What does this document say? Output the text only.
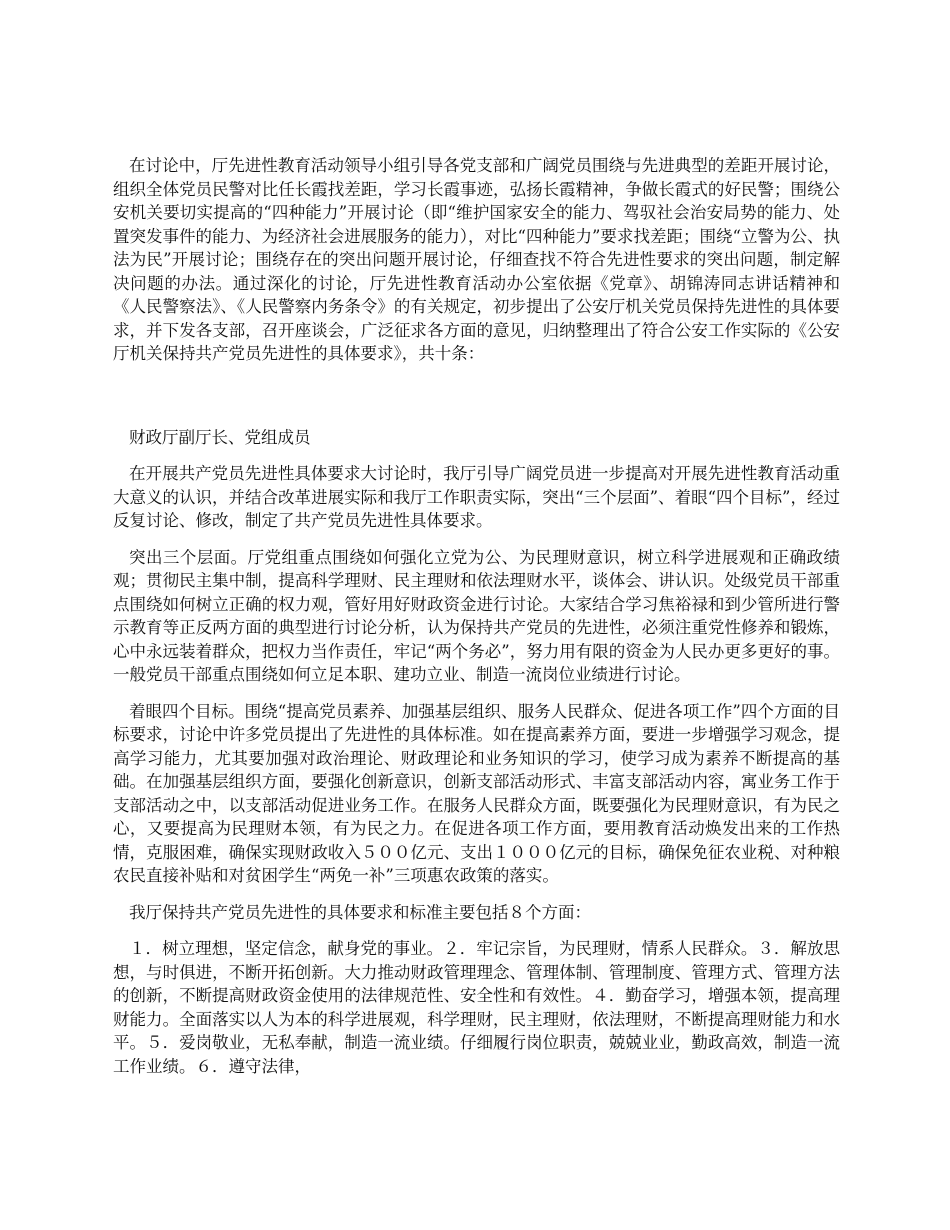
在讨论中，厅先进性教育活动领导小组引导各党支部和广阔党员围绕与先进典型的差距开展讨论，组织全体党员民警对比任长霞找差距，学习长霞事迹，弘扬长霞精神，争做长霞式的好民警；围绕公安机关要切实提高的“四种能力”开展讨论（即“维护国家安全的能力、驾驭社会治安局势的能力、处置突发事件的能力、为经济社会进展服务的能力），对比“四种能力”要求找差距；围绕“立警为公、执法为民”开展讨论；围绕存在的突出问题开展讨论，仔细查找不符合先进性要求的突出问题，制定解决问题的办法。通过深化的讨论，厅先进性教育活动办公室依据《党章》、胡锦涛同志讲话精神和《人民警察法》、《人民警察内务条令》的有关规定，初步提出了公安厅机关党员保持先进性的具体要求，并下发各支部，召开座谈会，广泛征求各方面的意见，归纳整理出了符合公安工作实际的《公安厅机关保持共产党员先进性的具体要求》，共十条：

财政厅副厅长、党组成员

在开展共产党员先进性具体要求大讨论时，我厅引导广阔党员进一步提高对开展先进性教育活动重大意义的认识，并结合改革进展实际和我厅工作职责实际，突出“三个层面”、着眼“四个目标”，经过反复讨论、修改，制定了共产党员先进性具体要求。

突出三个层面。厅党组重点围绕如何强化立党为公、为民理财意识，树立科学进展观和正确政绩观；贯彻民主集中制，提高科学理财、民主理财和依法理财水平，谈体会、讲认识。处级党员干部重点围绕如何树立正确的权力观，管好用好财政资金进行讨论。大家结合学习焦裕禄和到少管所进行警示教育等正反两方面的典型进行讨论分析，认为保持共产党员的先进性，必须注重党性修养和锻炼，心中永远装着群众，把权力当作责任，牢记“两个务必”，努力用有限的资金为人民办更多更好的事。一般党员干部重点围绕如何立足本职、建功立业、制造一流岗位业绩进行讨论。

着眼四个目标。围绕“提高党员素养、加强基层组织、服务人民群众、促进各项工作”四个方面的目标要求，讨论中许多党员提出了先进性的具体标准。如在提高素养方面，要进一步增强学习观念，提高学习能力，尤其要加强对政治理论、财政理论和业务知识的学习，使学习成为素养不断提高的基础。在加强基层组织方面，要强化创新意识，创新支部活动形式、丰富支部活动内容，寓业务工作于支部活动之中，以支部活动促进业务工作。在服务人民群众方面，既要强化为民理财意识，有为民之心，又要提高为民理财本领，有为民之力。在促进各项工作方面，要用教育活动焕发出来的工作热情，克服困难，确保实现财政收入５００亿元、支出１０００亿元的目标，确保免征农业税、对种粮农民直接补贴和对贫困学生“两免一补”三项惠农政策的落实。

我厅保持共产党员先进性的具体要求和标准主要包括８个方面：

１．树立理想，坚定信念，献身党的事业。２．牢记宗旨，为民理财，情系人民群众。３．解放思想，与时俱进，不断开拓创新。大力推动财政管理理念、管理体制、管理制度、管理方式、管理方法的创新，不断提高财政资金使用的法律规范性、安全性和有效性。４．勤奋学习，增强本领，提高理财能力。全面落实以人为本的科学进展观，科学理财，民主理财，依法理财，不断提高理财能力和水平。５．爱岗敬业，无私奉献，制造一流业绩。仔细履行岗位职责，兢兢业业，勤政高效，制造一流工作业绩。６．遵守法律，
